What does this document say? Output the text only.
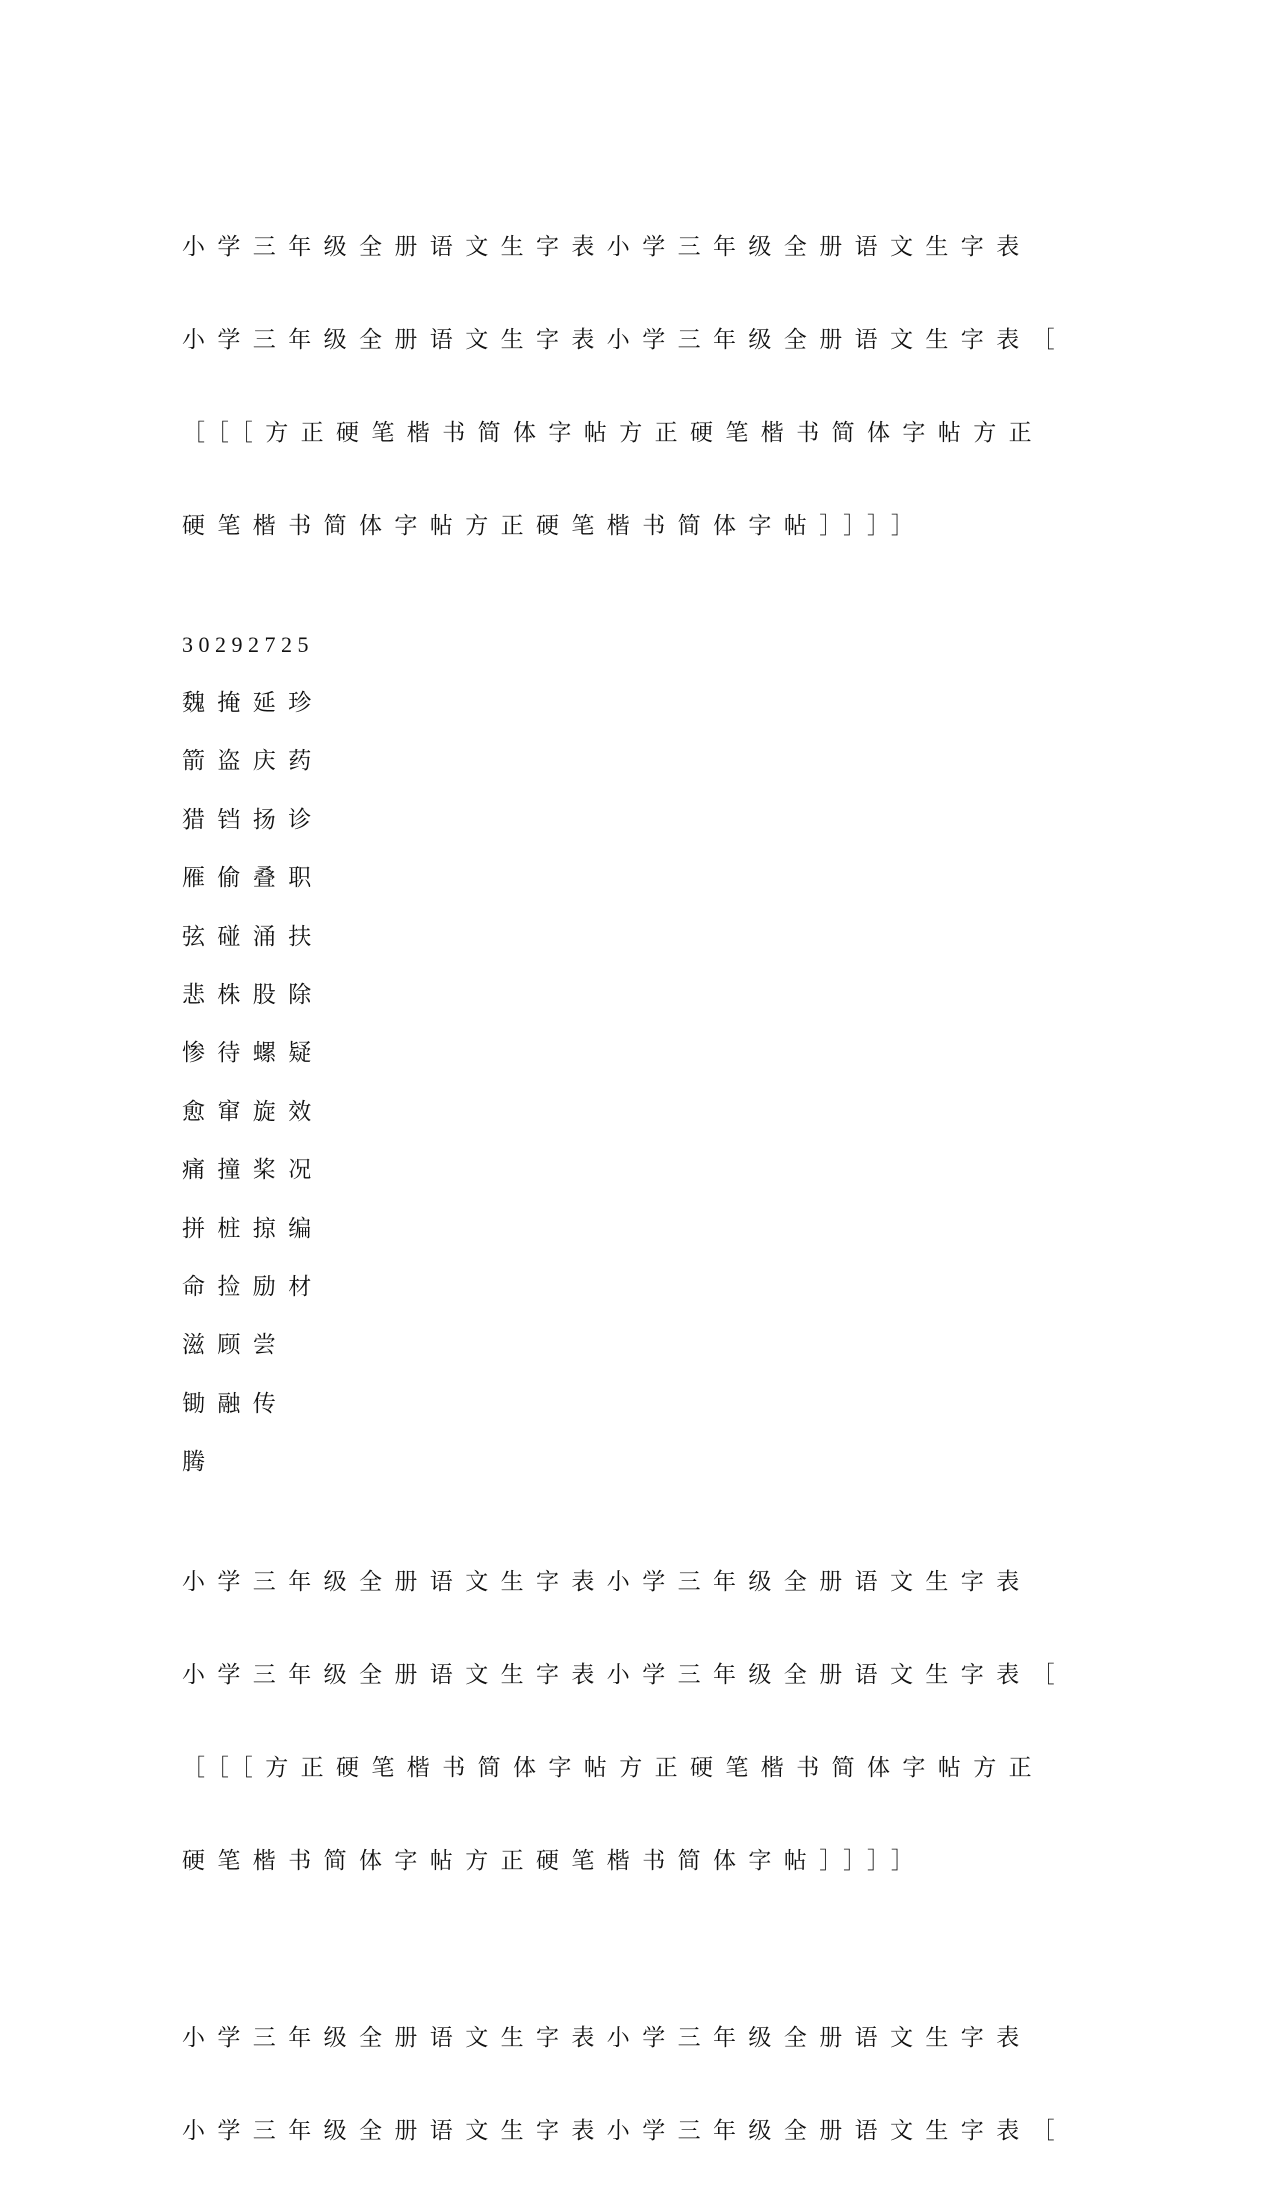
小学三年级全册语文生字表小学三年级全册语文生字表

小学三年级全册语文生字表小学三年级全册语文生字表［

［［［方正硬笔楷书简体字帖方正硬笔楷书简体字帖方正

硬笔楷书简体字帖方正硬笔楷书简体字帖］］］］

30292725
魏掩延珍
箭盗庆药
猎铛扬诊
雁偷叠职
弦碰涌扶
悲株股除
惨待螺疑
愈窜旋效
痛撞桨况
拼桩掠编
命捡励材
滋顾尝
锄融传
腾

小学三年级全册语文生字表小学三年级全册语文生字表

小学三年级全册语文生字表小学三年级全册语文生字表［

［［［方正硬笔楷书简体字帖方正硬笔楷书简体字帖方正

硬笔楷书简体字帖方正硬笔楷书简体字帖］］］］

小学三年级全册语文生字表小学三年级全册语文生字表

小学三年级全册语文生字表小学三年级全册语文生字表［
